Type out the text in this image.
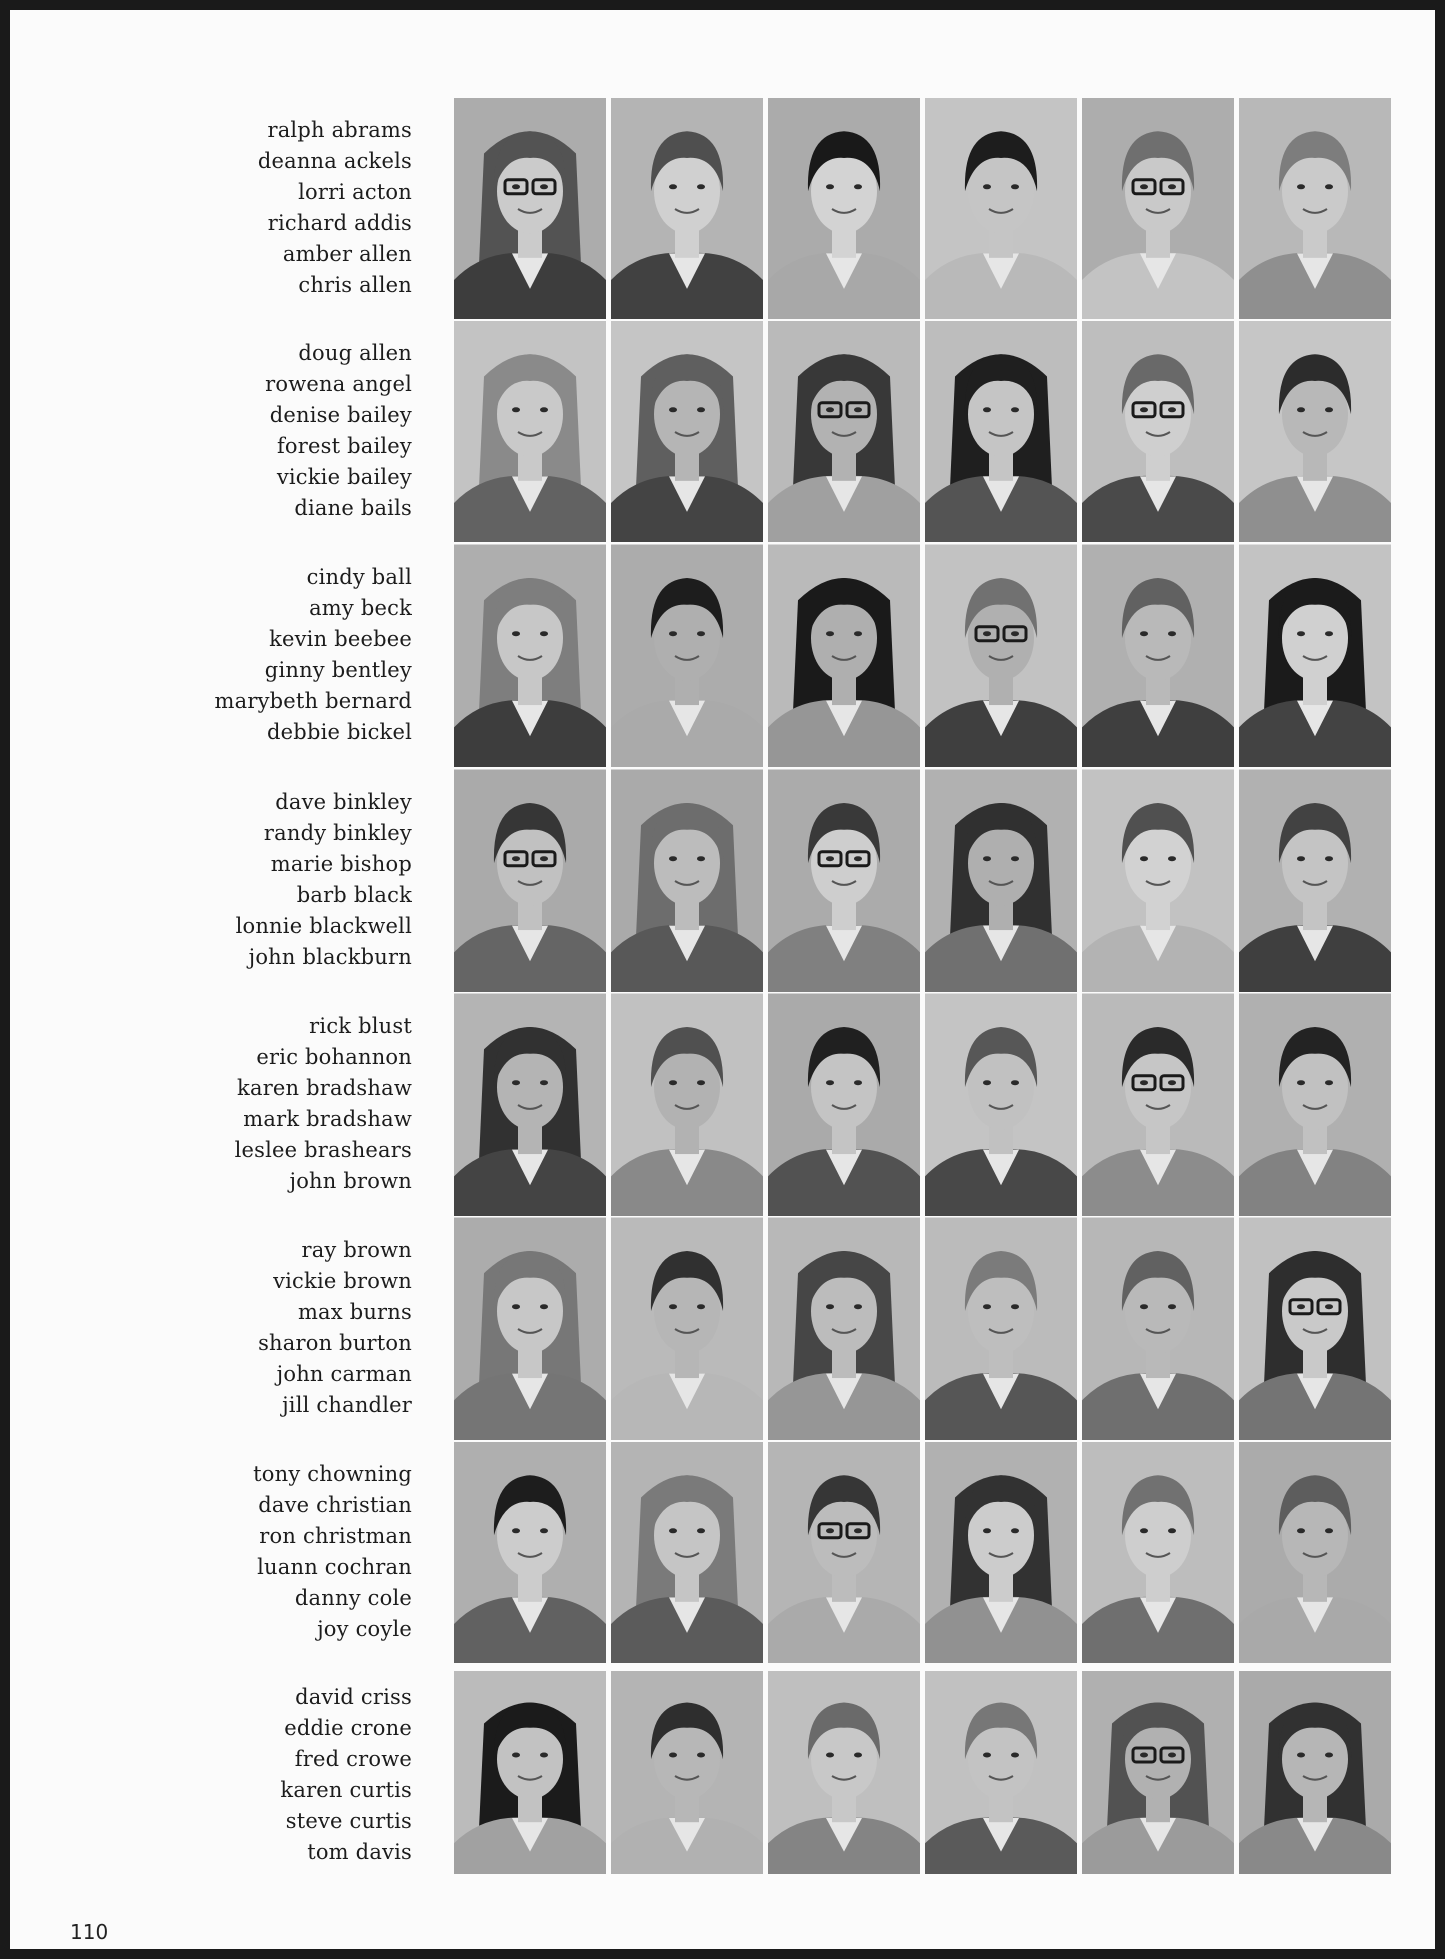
ralph abrams
deanna ackels
lorri acton
richard addis
amber allen
chris allen
doug allen
rowena angel
denise bailey
forest bailey
vickie bailey
diane bails
cindy ball
amy beck
kevin beebee
ginny bentley
marybeth bernard
debbie bickel
dave binkley
randy binkley
marie bishop
barb black
lonnie blackwell
john blackburn
rick blust
eric bohannon
karen bradshaw
mark bradshaw
leslee brashears
john brown
ray brown
vickie brown
max burns
sharon burton
john carman
jill chandler
tony chowning
dave christian
ron christman
luann cochran
danny cole
joy coyle
david criss
eddie crone
fred crowe
karen curtis
steve curtis
tom davis
110
